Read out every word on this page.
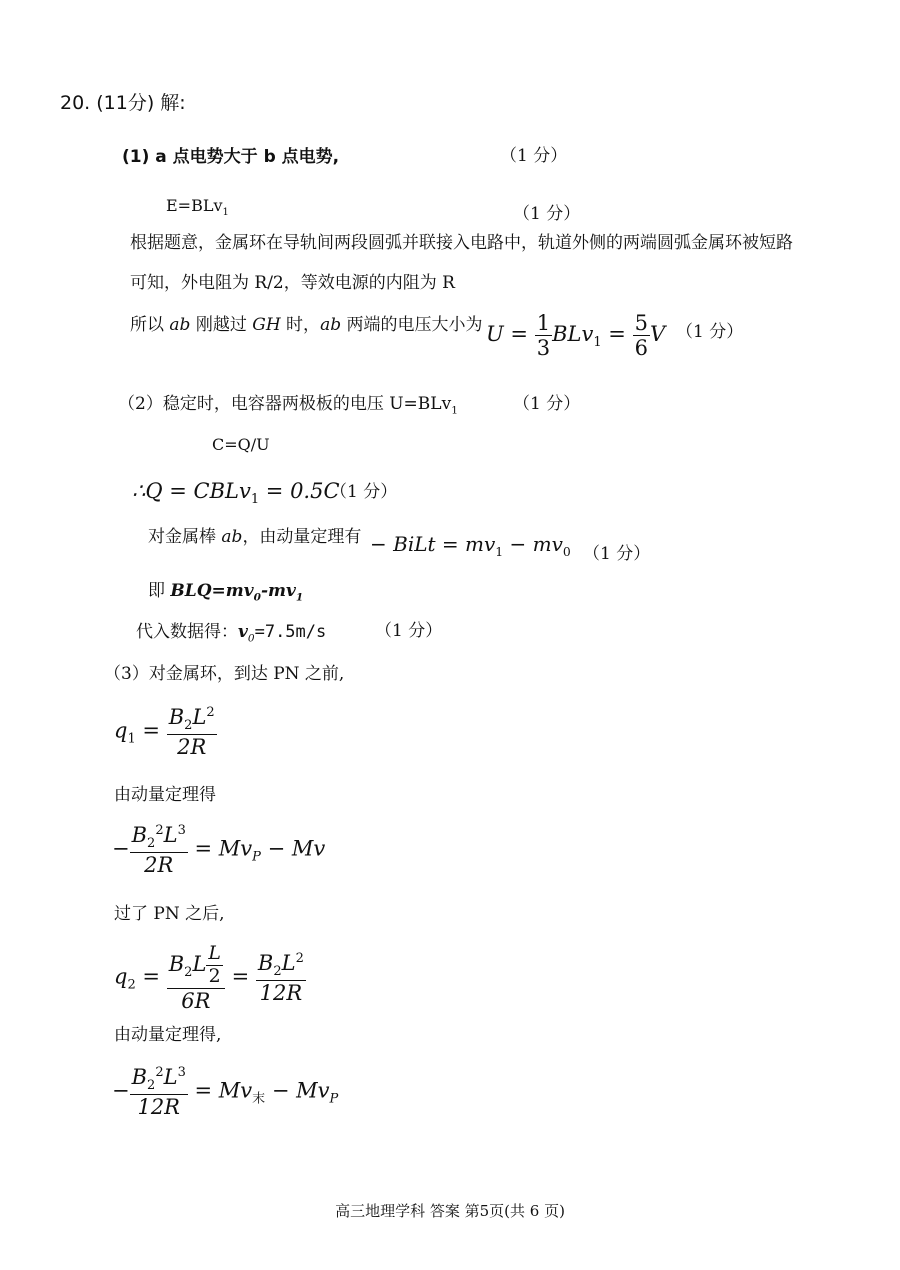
20. (11分) 解:
(1) a 点电势大于 b 点电势,	（1 分）
E=BLv$_1$	（1 分）
根据题意，金属环在导轨间两段圆弧并联接入电路中，轨道外侧的两端圆弧金属环被短路
可知，外电阻为 R/2，等效电源的内阻为 R
所以 ab 刚越过 GH 时，ab 两端的电压大小为 $U = \frac{1}{3} BLv_1 = \frac{5}{6}$ V （1 分）
（2）稳定时，电容器两极板的电压 U=BLv$_1$	（1 分）
C=Q/U
∴Q = CBLv$_1$ = 0.5C
（1 分）
对金属棒 ab，由动量定理有 − BiLt = $mv_1 - mv_0$ （1 分）
即 $BLQ=mv_0-mv_1$
代入数据得：$v_0=7.5m/s$	（1 分）
（3）对金属环，到达 PN 之前,
$q_1 = \frac{B_2L^2}{2R}$
由动量定理得
− $\frac{B_2^2L^3}{2R} = Mv_P - Mv$
过了 PN 之后,
$q_2 = \frac{B_2L \frac{L}{2}}{6R} = \frac{B_2L^2}{12R}$
由动量定理得,
− $\frac{B_2^2L^3}{12R} = Mv_末 - Mv_P$
高三地理学科 答案 第5页(共 6 页)
